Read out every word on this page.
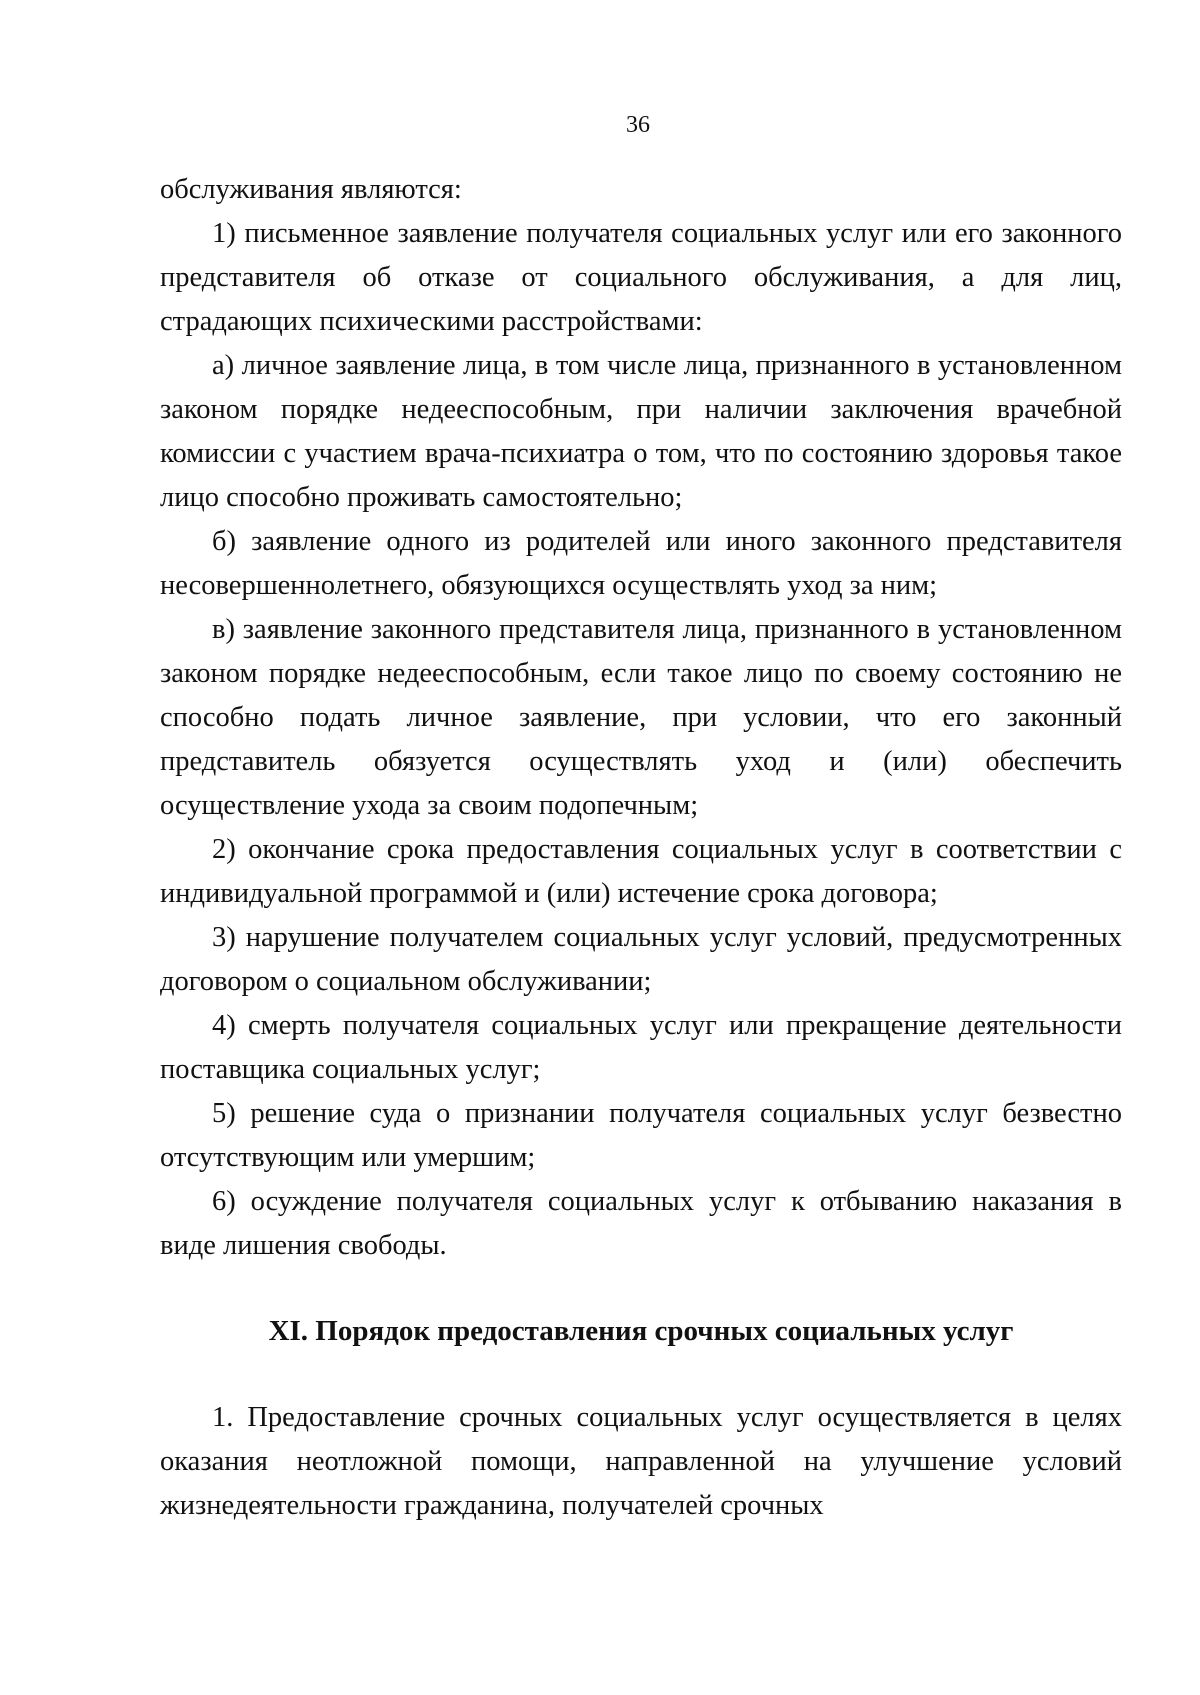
36

обслуживания являются:

1) письменное заявление получателя социальных услуг или его законного представителя об отказе от социального обслуживания, а для лиц, страдающих психическими расстройствами:

а) личное заявление лица, в том числе лица, признанного в установленном законом порядке недееспособным, при наличии заключения врачебной комиссии с участием врача-психиатра о том, что по состоянию здоровья такое лицо способно проживать самостоятельно;

б) заявление одного из родителей или иного законного представителя несовершеннолетнего, обязующихся осуществлять уход за ним;

в) заявление законного представителя лица, признанного в установленном законом порядке недееспособным, если такое лицо по своему состоянию не способно подать личное заявление, при условии, что его законный представитель обязуется осуществлять уход и (или) обеспечить осуществление ухода за своим подопечным;

2) окончание срока предоставления социальных услуг в соответствии с индивидуальной программой и (или) истечение срока договора;

3) нарушение получателем социальных услуг условий, предусмотренных договором о социальном обслуживании;

4) смерть получателя социальных услуг или прекращение деятельности поставщика социальных услуг;

5) решение суда о признании получателя социальных услуг безвестно отсутствующим или умершим;

6) осуждение получателя социальных услуг к отбыванию наказания в виде лишения свободы.

XI. Порядок предоставления срочных социальных услуг

1. Предоставление срочных социальных услуг осуществляется в целях оказания неотложной помощи, направленной на улучшение условий жизнедеятельности гражданина, получателей срочных
